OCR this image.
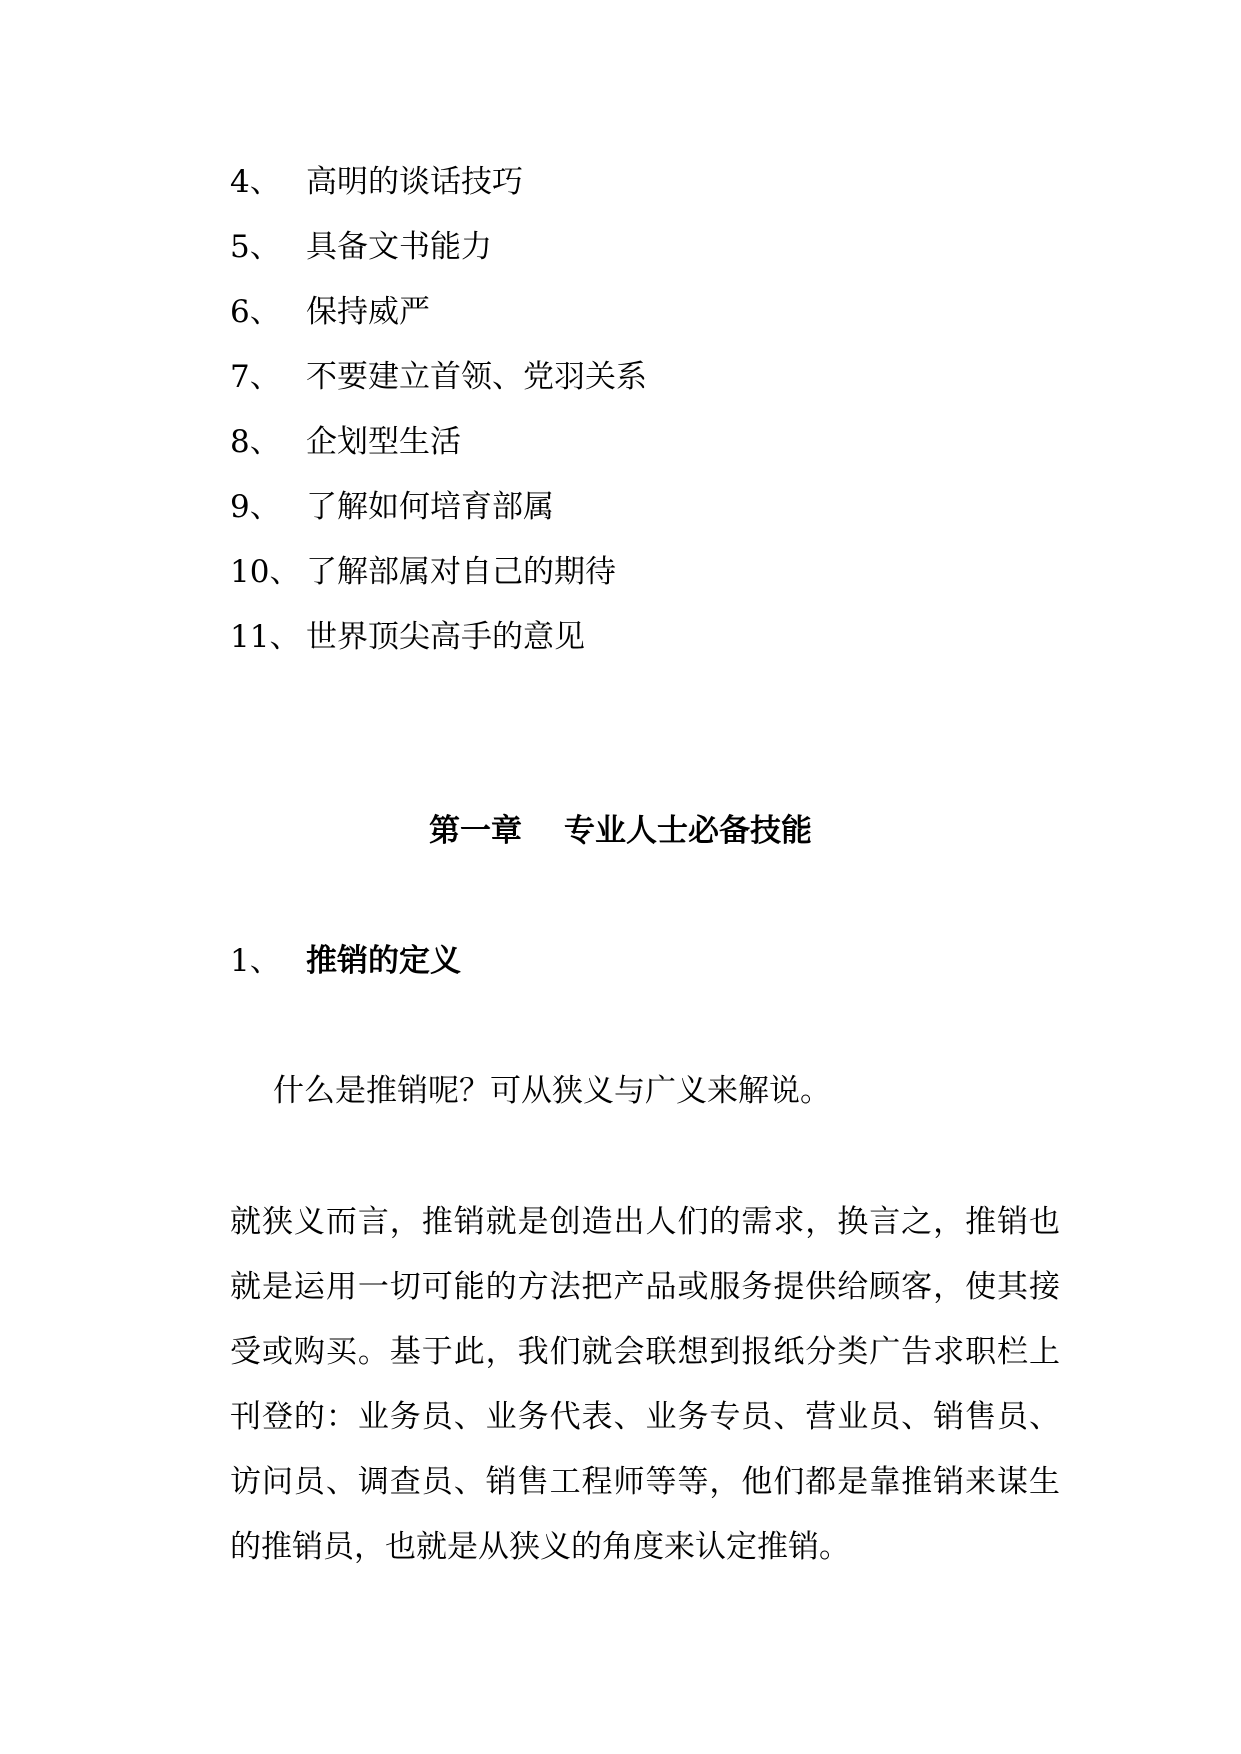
4、 高明的谈话技巧
5、 具备文书能力
6、 保持威严
7、 不要建立首领、党羽关系
8、 企划型生活
9、 了解如何培育部属
10、 了解部属对自己的期待
11、 世界顶尖高手的意见
第一章 专业人士必备技能
1、 推销的定义
什么是推销呢？可从狭义与广义来解说。
就狭义而言，推销就是创造出人们的需求，换言之，推销也就是运用一切可能的方法把产品或服务提供给顾客，使其接受或购买。基于此，我们就会联想到报纸分类广告求职栏上刊登的：业务员、业务代表、业务专员、营业员、销售员、访问员、调查员、销售工程师等等，他们都是靠推销来谋生的推销员，也就是从狭义的角度来认定推销。
